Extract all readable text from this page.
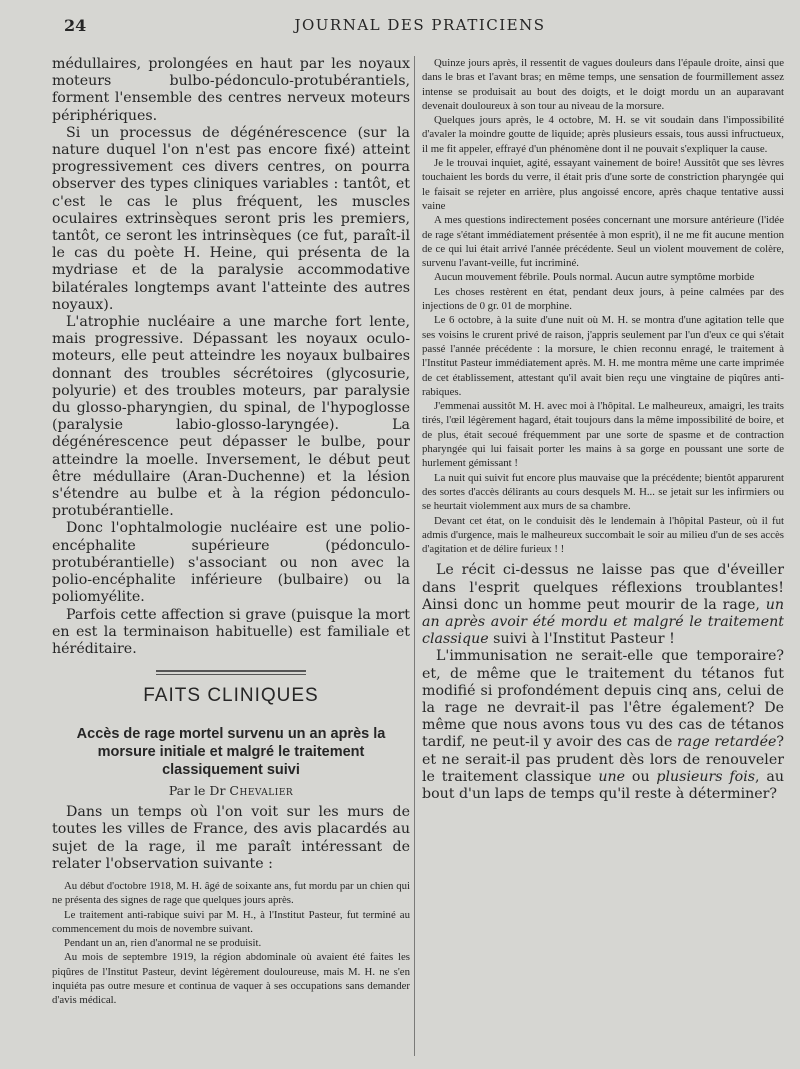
24	JOURNAL DES PRATICIENS

médullaires, prolongées en haut par les noyaux moteurs bulbo-pédonculo-protubérantiels, forment l'ensemble des centres nerveux moteurs périphériques.

Si un processus de dégénérescence (sur la nature duquel l'on n'est pas encore fixé) atteint progressivement ces divers centres, on pourra observer des types cliniques variables : tantôt, et c'est le cas le plus fréquent, les muscles oculaires extrinsèques seront pris les premiers, tantôt, ce seront les intrinsèques (ce fut, paraît-il le cas du poète H. Heine, qui présenta de la mydriase et de la paralysie accommodative bilatérales longtemps avant l'atteinte des autres noyaux).

L'atrophie nucléaire a une marche fort lente, mais progressive. Dépassant les noyaux oculo-moteurs, elle peut atteindre les noyaux bulbaires donnant des troubles sécrétoires (glycosurie, polyurie) et des troubles moteurs, par paralysie du glosso-pharyngien, du spinal, de l'hypoglosse (paralysie labio-glosso-laryngée). La dégénérescence peut dépasser le bulbe, pour atteindre la moelle. Inversement, le début peut être médullaire (Aran-Duchenne) et la lésion s'étendre au bulbe et à la région pédonculo-protubérantielle.

Donc l'ophtalmologie nucléaire est une polio-encéphalite supérieure (pédonculo-protubérantielle) s'associant ou non avec la polio-encéphalite inférieure (bulbaire) ou la poliomyélite.

Parfois cette affection si grave (puisque la mort en est la terminaison habituelle) est familiale et héréditaire.

FAITS CLINIQUES
Accès de rage mortel survenu un an après la morsure initiale et malgré le traitement classiquement suivi
Par le Dr Chevalier

Dans un temps où l'on voit sur les murs de toutes les villes de France, des avis placardés au sujet de la rage, il me paraît intéressant de relater l'observation suivante :

Au début d'octobre 1918, M. H. âgé de soixante ans, fut mordu par un chien qui ne présenta des signes de rage que quelques jours après.

Le traitement anti-rabique suivi par M. H., à l'Institut Pasteur, fut terminé au commencement du mois de novembre suivant.

Pendant un an, rien d'anormal ne se produisit.

Au mois de septembre 1919, la région abdominale où avaient été faites les piqûres de l'Institut Pasteur, devint légèrement douloureuse, mais M. H. ne s'en inquiéta pas outre mesure et continua de vaquer à ses occupations sans demander d'avis médical.

Quinze jours après, il ressentit de vagues douleurs dans l'épaule droite, ainsi que dans le bras et l'avant bras; en même temps, une sensation de fourmillement assez intense se produisait au bout des doigts, et le doigt mordu un an auparavant devenait douloureux à son tour au niveau de la morsure.

Quelques jours après, le 4 octobre, M. H. se vit soudain dans l'impossibilité d'avaler la moindre goutte de liquide; après plusieurs essais, tous aussi infructueux, il me fit appeler, effrayé d'un phénomène dont il ne pouvait s'expliquer la cause.

Je le trouvai inquiet, agité, essayant vainement de boire! Aussitôt que ses lèvres touchaient les bords du verre, il était pris d'une sorte de constriction pharyngée qui le faisait se rejeter en arrière, plus angoissé encore, après chaque tentative aussi vaine

A mes questions indirectement posées concernant une morsure antérieure (l'idée de rage s'étant immédiatement présentée à mon esprit), il ne me fit aucune mention de ce qui lui était arrivé l'année précédente. Seul un violent mouvement de colère, survenu l'avant-veille, fut incriminé.

Aucun mouvement fébrile. Pouls normal. Aucun autre symptôme morbide

Les choses restèrent en état, pendant deux jours, à peine calmées par des injections de 0 gr. 01 de morphine.

Le 6 octobre, à la suite d'une nuit où M. H. se montra d'une agitation telle que ses voisins le crurent privé de raison, j'appris seulement par l'un d'eux ce qui s'était passé l'année précédente : la morsure, le chien reconnu enragé, le traitement à l'Institut Pasteur immédiatement après. M. H. me montra même une carte imprimée de cet établissement, attestant qu'il avait bien reçu une vingtaine de piqûres anti-rabiques.

J'emmenai aussitôt M. H. avec moi à l'hôpital. Le malheureux, amaigri, les traits tirés, l'œil légèrement hagard, était toujours dans la même impossibilité de boire, et de plus, était secoué fréquemment par une sorte de spasme et de contraction pharyngée qui lui faisait porter les mains à sa gorge en poussant une sorte de hurlement gémissant !

La nuit qui suivit fut encore plus mauvaise que la précédente; bientôt apparurent des sortes d'accès délirants au cours desquels M. H... se jetait sur les infirmiers ou se heurtait violemment aux murs de sa chambre.

Devant cet état, on le conduisit dès le lendemain à l'hôpital Pasteur, où il fut admis d'urgence, mais le malheureux succombait le soir au milieu d'un de ses accès d'agitation et de délire furieux ! !

Le récit ci-dessus ne laisse pas que d'éveiller dans l'esprit quelques réflexions troublantes! Ainsi donc un homme peut mourir de la rage, un an après avoir été mordu et malgré le traitement classique suivi à l'Institut Pasteur !

L'immunisation ne serait-elle que temporaire? et, de même que le traitement du tétanos fut modifié si profondément depuis cinq ans, celui de la rage ne devrait-il pas l'être également? De même que nous avons tous vu des cas de tétanos tardif, ne peut-il y avoir des cas de rage retardée? et ne serait-il pas prudent dès lors de renouveler le traitement classique une ou plusieurs fois, au bout d'un laps de temps qu'il reste à déterminer?
